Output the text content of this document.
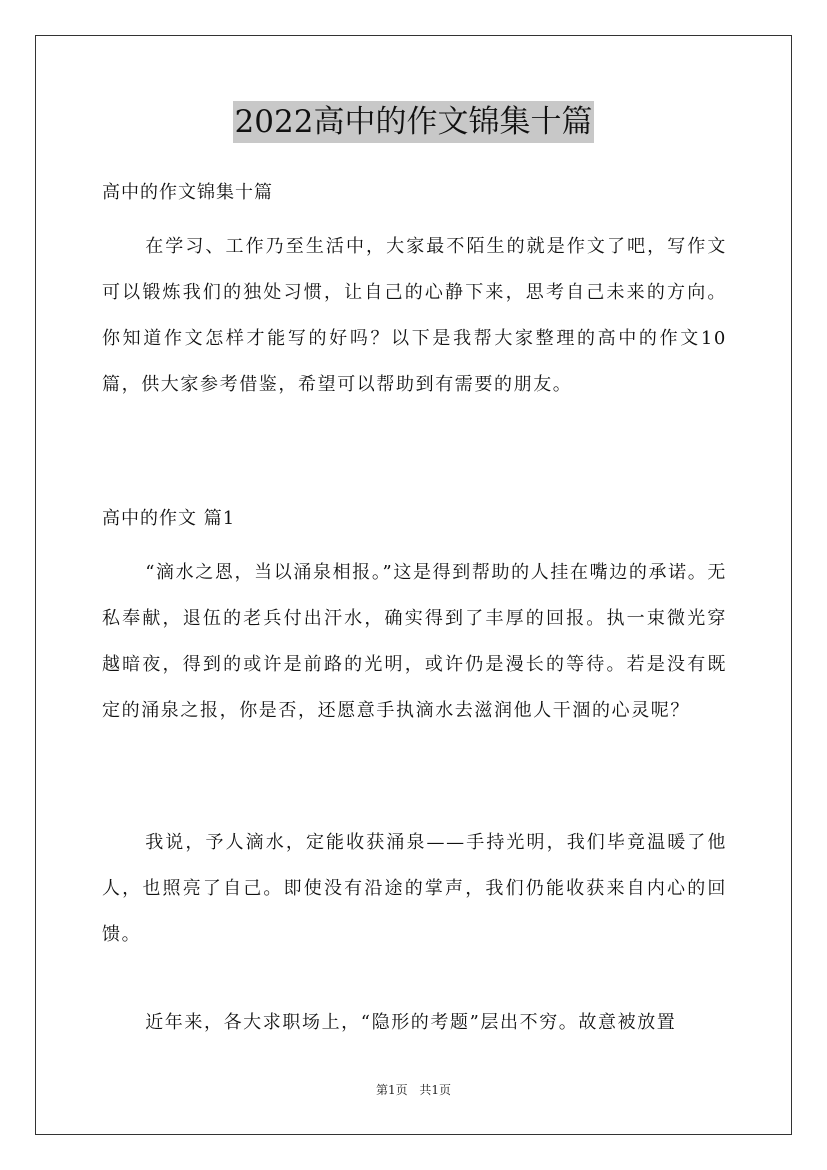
2022高中的作文锦集十篇

高中的作文锦集十篇

在学习、工作乃至生活中，大家最不陌生的就是作文了吧，写作文可以锻炼我们的独处习惯，让自己的心静下来，思考自己未来的方向。你知道作文怎样才能写的好吗？以下是我帮大家整理的高中的作文10篇，供大家参考借鉴，希望可以帮助到有需要的朋友。

高中的作文 篇1

“滴水之恩，当以涌泉相报。”这是得到帮助的人挂在嘴边的承诺。无私奉献，退伍的老兵付出汗水，确实得到了丰厚的回报。执一束微光穿越暗夜，得到的或许是前路的光明，或许仍是漫长的等待。若是没有既定的涌泉之报，你是否，还愿意手执滴水去滋润他人干涸的心灵呢？

我说，予人滴水，定能收获涌泉——手持光明，我们毕竟温暖了他人，也照亮了自己。即使没有沿途的掌声，我们仍能收获来自内心的回馈。

近年来，各大求职场上，“隐形的考题”层出不穷。故意被放置

第1页 共1页
